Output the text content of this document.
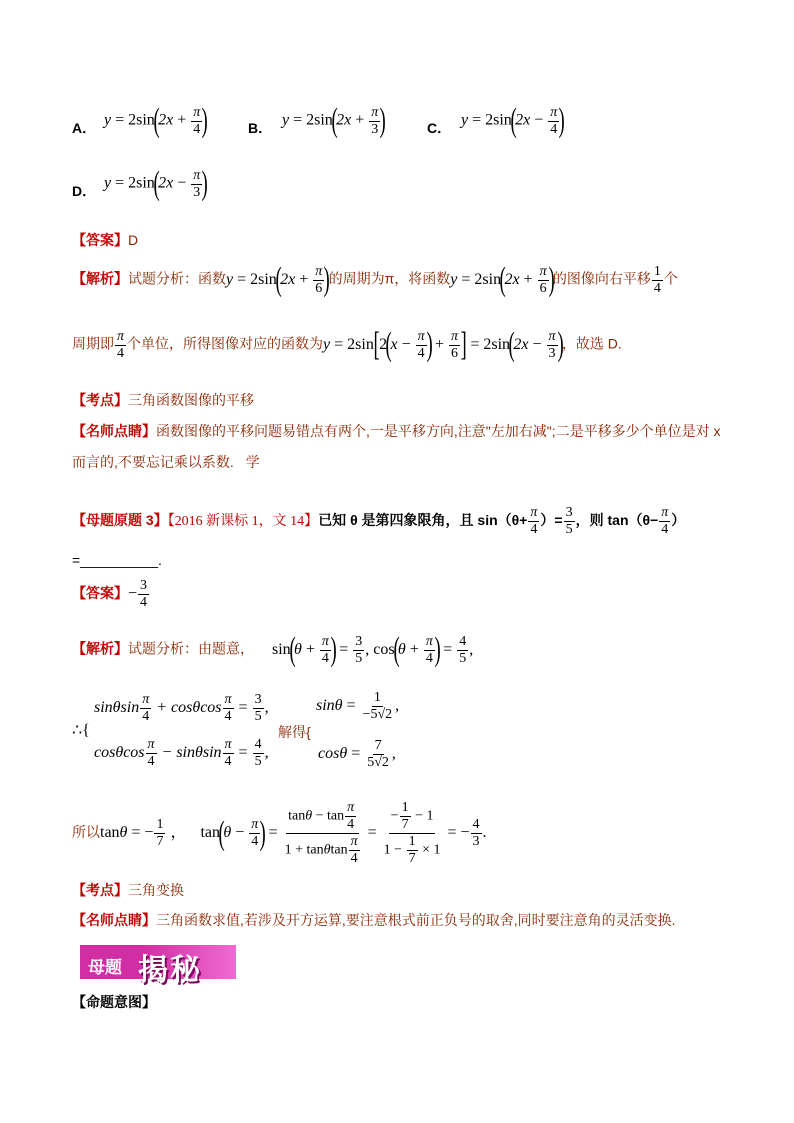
A． $y = 2\sin(2x + \frac{\pi}{4}$ )	B． $y = 2\sin(2x + \frac{\pi}{3}$ )	C． $y = 2\sin(2x - \frac{\pi}{4}$ )
D． $y = 2\sin(2x - \frac{\pi}{3}$ )
【答案】D
【解析】试题分析：函数$y = 2\sin(2x + \frac{\pi}{6}$ )的周期为π，将函数$y = 2\sin(2x + \frac{\pi}{6}$ )的图像向右平移 $\frac{1}{4}$ 个
周期即 $\frac{\pi}{4}$ 个单位，所得图像对应的函数为$y = 2\sin[2(x - \frac{\pi}{4}$ ) + $\frac{\pi}{6}$ ] = $2\sin(2x - \frac{\pi}{3}$ )，故选 D.
【考点】三角函数图像的平移
【名师点睛】函数图像的平移问题易错点有两个,一是平移方向,注意"左加右减";二是平移多少个单位是对 x
而言的,不要忘记乘以系数. 学
【母题原题 3】【2016 新课标 1，文 14】已知 θ 是第四象限角，且 $\sin(\theta+ \frac{\pi}{4}$ ）= $\frac{3}{5}$ ，则 $\tan(\theta- \frac{\pi}{4}$ ）
=__________.
【答案】− $\frac{3}{4}$
【解析】试题分析：由题意， $\sin(\theta + \frac{\pi}{4}$ ) = $\frac{3}{5}$ , $\cos(\theta + \frac{\pi}{4}$ ) = $\frac{4}{5}$ ,
∴{
sinθsin $\frac{\pi}{4} + \cos\theta\cos \frac{\pi}{4} = \frac{3}{5}$ ,
cosθcos $\frac{\pi}{4} - \sin\theta\sin \frac{\pi}{4} = \frac{4}{5}$ ,
解得{
$\sin\theta = \frac{1}{-5√2}$ ,
$\cos\theta = \frac{7}{5√2}$ ,
所以tanθ = − $\frac{1}{7}$ ， $\tan(\theta - \frac{\pi}{4}$ ) = $\frac{\tan\theta - \tan \frac{\pi}{4}}{1 + \tan\theta\tan \frac{\pi}{4}} = \frac{- \frac{1}{7} - 1}{1 - \frac{1}{7} \times 1}$ = − $\frac{4}{3}$ .
【考点】三角变换
【名师点睛】三角函数求值,若涉及开方运算,要注意根式前正负号的取舍,同时要注意角的灵活变换.
母题 揭秘
【命题意图】
